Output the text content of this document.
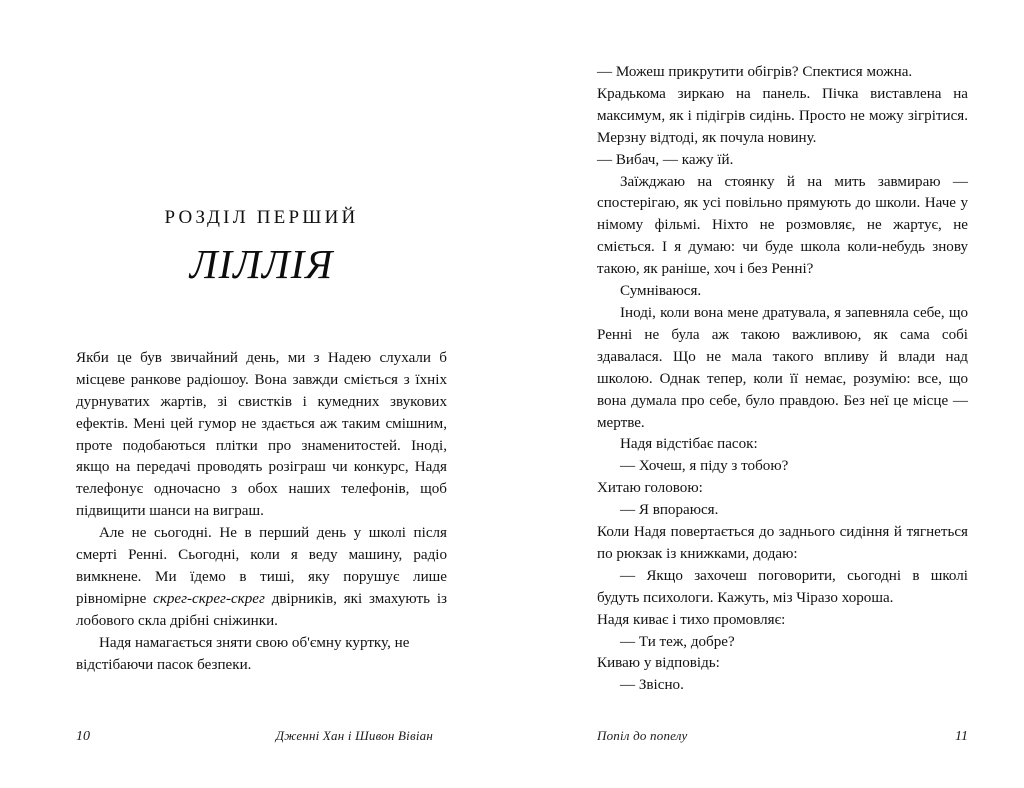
РОЗДІЛ ПЕРШИЙ
ЛІЛЛІЯ

Якби це був звичайний день, ми з Надею слухали б місцеве ранкове радіошоу. Вона завжди сміється з їхніх дурнуватих жартів, зі свистків і кумедних звукових ефектів. Мені цей гумор не здається аж таким смішним, проте подобаються плітки про знаменитостей. Іноді, якщо на передачі проводять розіграш чи конкурс, Надя телефонує одночасно з обох наших телефонів, щоб підвищити шанси на виграш.

Але не сьогодні. Не в перший день у школі після смерті Ренні. Сьогодні, коли я веду машину, радіо вимкнене. Ми їдемо в тиші, яку порушує лише рівномірне скрег-скрег-скрег двірників, які змахують із лобового скла дрібні сніжинки.

Надя намагається зняти свою об'ємну куртку, не відстібаючи пасок безпеки.

10	Дженні Хан і Шивон Вівіан

— Можеш прикрутити обігрів? Спектися можна.

Крадькома зиркаю на панель. Пічка виставлена на максимум, як і підігрів сидінь. Просто не можу зігрітися. Мерзну відтоді, як почула новину.

— Вибач, — кажу їй.

Заїжджаю на стоянку й на мить завмираю — спостерігаю, як усі повільно прямують до школи. Наче у німому фільмі. Ніхто не розмовляє, не жартує, не сміється. І я думаю: чи буде школа коли-небудь знову такою, як раніше, хоч і без Ренні?

Сумніваюся.

Іноді, коли вона мене дратувала, я запевняла себе, що Ренні не була аж такою важливою, як сама собі здавалася. Що не мала такого впливу й влади над школою. Однак тепер, коли її немає, розумію: все, що вона думала про себе, було правдою. Без неї це місце — мертве.

Надя відстібає пасок:

— Хочеш, я піду з тобою?

Хитаю головою:

— Я впораюся.

Коли Надя повертається до заднього сидіння й тягнеться по рюкзак із книжками, додаю:

— Якщо захочеш поговорити, сьогодні в школі будуть психологи. Кажуть, міз Чіразо хороша.

Надя киває і тихо промовляє:

— Ти теж, добре?

Киваю у відповідь:

— Звісно.

Попіл до попелу	11
